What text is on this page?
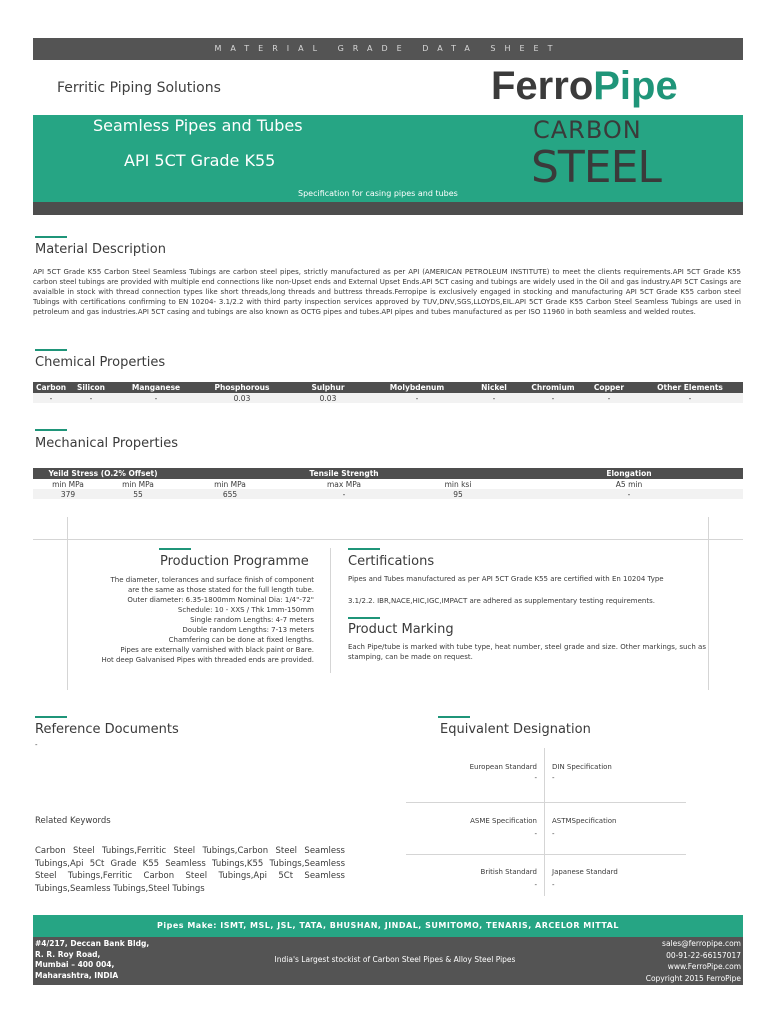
MATERIAL GRADE DATA SHEET
Ferritic Piping Solutions	FerroPipe
Seamless Pipes and Tubes
API 5CT Grade K55
Specification for casing pipes and tubes
CARBON
STEEL
Material Description
API 5CT Grade K55 Carbon Steel Seamless Tubings are carbon steel pipes, strictly manufactured as per API (AMERICAN PETROLEUM INSTITUTE) to meet the clients requirements.API 5CT Grade K55 carbon steel tubings are provided with multiple end connections like non-Upset ends and External Upset Ends.API 5CT casing and tubings are widely used in the Oil and gas industry.API 5CT Casings are avaialble in stock with thread connection types like short threads,long threads and buttress threads.Ferropipe is exclusively engaged in stocking and manufacturing API 5CT Grade K55 carbon steel Tubings with certifications confirming to EN 10204- 3.1/2.2 with third party inspection services approved by TUV,DNV,SGS,LLOYDS,EIL.API 5CT Grade K55 Carbon Steel Seamless Tubings are used in petroleum and gas industries.API 5CT casing and tubings are also known as OCTG pipes and tubes.API pipes and tubes manufactured as per ISO 11960 in both seamless and welded routes.
Chemical Properties
Carbon	Silicon	Manganese	Phosphorous	Sulphur	Molybdenum	Nickel	Chromium	Copper	Other Elements
-	-	-	0.03	0.03	-	-	-	-	-
Mechanical Properties
Yeild Stress (O.2% Offset)		Tensile Strength			Elongation
min MPa	min MPa	min MPa	max MPa	min ksi	A5 min
379	55	655	-	95	-
Production Programme
The diameter, tolerances and surface finish of component
are the same as those stated for the full length tube.
Outer diameter: 6.35-1800mm Nominal Dia: 1/4"-72"
Schedule: 10 - XXS / Thk 1mm-150mm
Single random Lengths: 4-7 meters
Double random Lengths: 7-13 meters
Chamfering can be done at fixed lengths.
Pipes are externally varnished with black paint or Bare.
Hot deep Galvanised Pipes with threaded ends are provided.
Certifications
Pipes and Tubes manufactured as per API 5CT Grade K55 are certified with En 10204 Type
3.1/2.2. IBR,NACE,HIC,IGC,IMPACT are adhered as supplementary testing requirements.
Product Marking
Each Pipe/tube is marked with tube type, heat number, steel grade and size. Other markings, such as stamping, can be made on request.
Reference Documents
-
Related Keywords
Carbon Steel Tubings,Ferritic Steel Tubings,Carbon Steel Seamless Tubings,Api 5Ct Grade K55 Seamless Tubings,K55 Tubings,Seamless Steel Tubings,Ferritic Carbon Steel Tubings,Api 5Ct Seamless Tubings,Seamless Tubings,Steel Tubings
Equivalent Designation
European Standard
-
DIN Specification
-
ASME Specification
-
ASTMSpecification
-
British Standard
-
Japanese Standard
-
Pipes Make: ISMT, MSL, JSL, TATA, BHUSHAN, JINDAL, SUMITOMO, TENARIS, ARCELOR MITTAL
#4/217, Deccan Bank Bldg,
R. R. Roy Road,
Mumbai – 400 004,
Maharashtra, INDIA
India's Largest stockist of Carbon Steel Pipes & Alloy Steel Pipes
sales@ferropipe.com
00-91-22-66157017
www.FerroPipe.com
Copyright 2015 FerroPipe
